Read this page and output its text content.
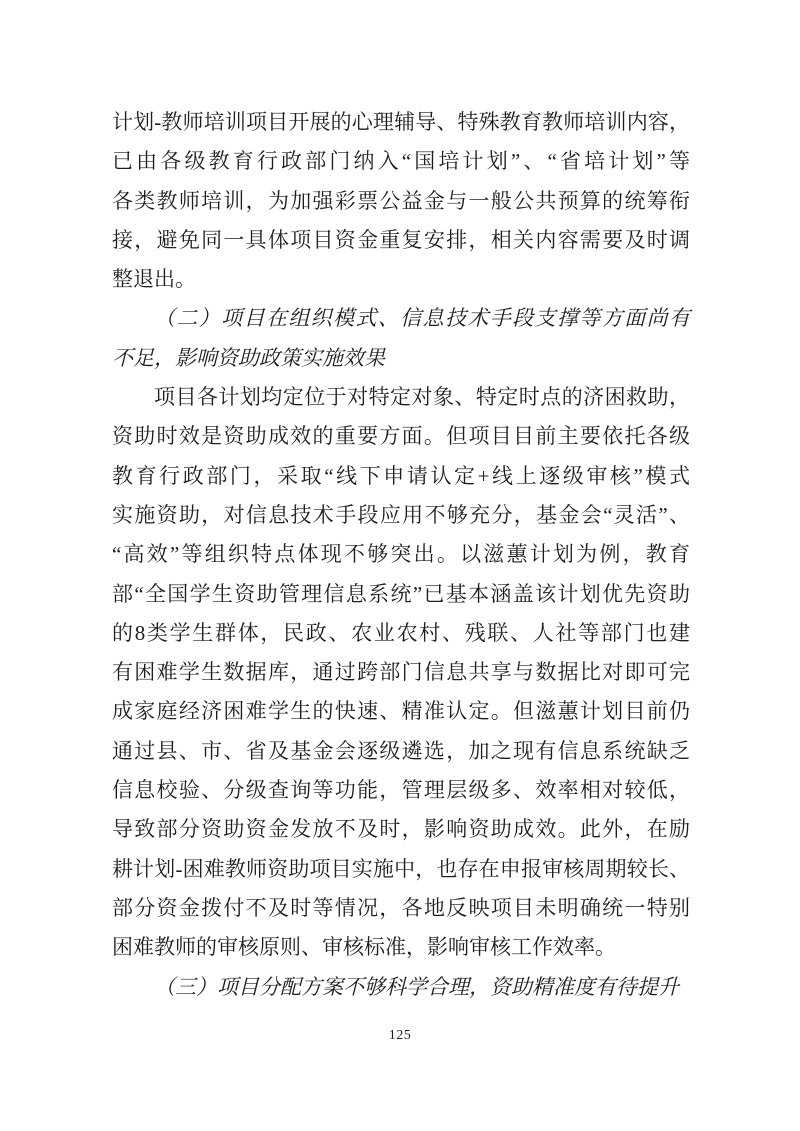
计划-教师培训项目开展的心理辅导、特殊教育教师培训内容，
已由各级教育行政部门纳入“国培计划”、“省培计划”等
各类教师培训，为加强彩票公益金与一般公共预算的统筹衔
接，避免同一具体项目资金重复安排，相关内容需要及时调
整退出。
（二）项目在组织模式、信息技术手段支撑等方面尚有
不足，影响资助政策实施效果
项目各计划均定位于对特定对象、特定时点的济困救助，
资助时效是资助成效的重要方面。但项目目前主要依托各级
教育行政部门，采取“线下申请认定+线上逐级审核”模式
实施资助，对信息技术手段应用不够充分，基金会“灵活”、
“高效”等组织特点体现不够突出。以滋蕙计划为例，教育
部“全国学生资助管理信息系统”已基本涵盖该计划优先资助
的8类学生群体，民政、农业农村、残联、人社等部门也建
有困难学生数据库，通过跨部门信息共享与数据比对即可完
成家庭经济困难学生的快速、精准认定。但滋蕙计划目前仍
通过县、市、省及基金会逐级遴选，加之现有信息系统缺乏
信息校验、分级查询等功能，管理层级多、效率相对较低，
导致部分资助资金发放不及时，影响资助成效。此外，在励
耕计划-困难教师资助项目实施中，也存在申报审核周期较长、
部分资金拨付不及时等情况，各地反映项目未明确统一特别
困难教师的审核原则、审核标准，影响审核工作效率。
（三）项目分配方案不够科学合理，资助精准度有待提升
125
